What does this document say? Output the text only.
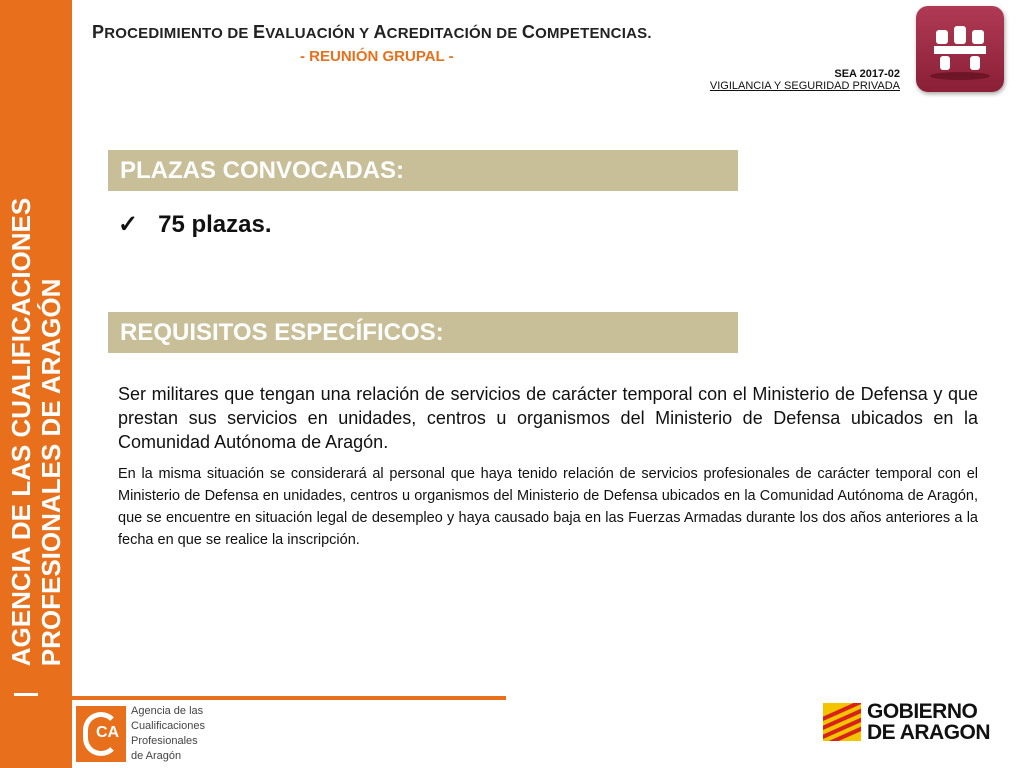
AGENCIA DE LAS CUALIFICACIONES PROFESIONALES DE ARAGÓN
PROCEDIMIENTO DE EVALUACIÓN Y ACREDITACIÓN DE COMPETENCIAS.
- REUNIÓN GRUPAL -
SEA 2017-02
VIGILANCIA Y SEGURIDAD PRIVADA
PLAZAS CONVOCADAS:
✓ 75 plazas.
REQUISITOS ESPECÍFICOS:

Ser militares que tengan una relación de servicios de carácter temporal con el Ministerio de Defensa y que prestan sus servicios en unidades, centros u organismos del Ministerio de Defensa ubicados en la Comunidad Autónoma de Aragón.

En la misma situación se considerará al personal que haya tenido relación de servicios profesionales de carácter temporal con el Ministerio de Defensa en unidades, centros u organismos del Ministerio de Defensa ubicados en la Comunidad Autónoma de Aragón, que se encuentre en situación legal de desempleo y haya causado baja en las Fuerzas Armadas durante los dos años anteriores a la fecha en que se realice la inscripción.

CA
Agencia de las
Cualificaciones
Profesionales
de Aragón
GOBIERNO
DE ARAGON
